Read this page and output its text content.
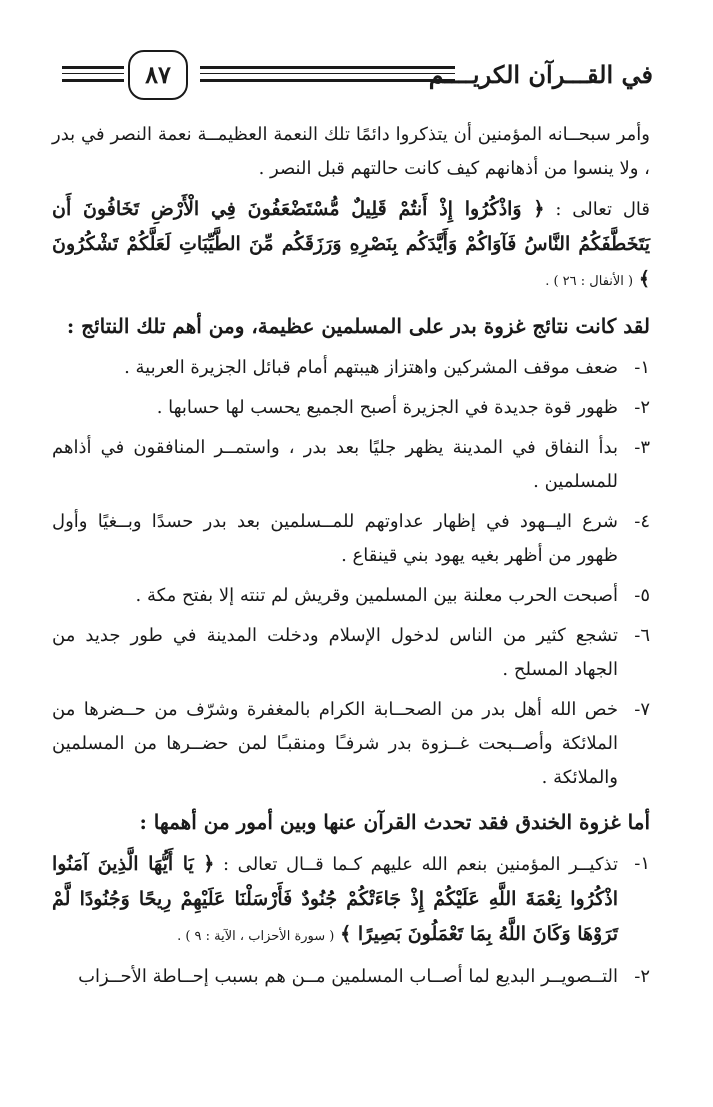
٨٧	في القـــرآن الكريــــم

وأمر سبحــانه المؤمنين أن يتذكروا دائمًا تلك النعمة العظيمــة نعمة النصر في بدر ، ولا ينسوا من أذهانهم كيف كانت حالتهم قبل النصر .

قال تعالى : ﴿ وَاذْكُرُوا إِذْ أَنتُمْ قَلِيلٌ مُّسْتَضْعَفُونَ فِي الْأَرْضِ تَخَافُونَ أَن يَتَخَطَّفَكُمُ النَّاسُ فَآوَاكُمْ وَأَيَّدَكُم بِنَصْرِهِ وَرَزَقَكُم مِّنَ الطَّيِّبَاتِ لَعَلَّكُمْ تَشْكُرُونَ ﴾ ( الأنفال : ٢٦ ) .

لقد كانت نتائج غزوة بدر على المسلمين عظيمة، ومن أهم تلك النتائج :
١-
ضعف موقف المشركين واهتزاز هيبتهم أمام قبائل الجزيرة العربية .
٢-
ظهور قوة جديدة في الجزيرة أصبح الجميع يحسب لها حسابها .
٣-
بدأ النفاق في المدينة يظهر جليًا بعد بدر ، واستمــر المنافقون في أذاهم للمسلمين .
٤-
شرع اليــهود في إظهار عداوتهم للمــسلمين بعد بدر حسدًا وبــغيًا وأول ظهور من أظهر بغيه يهود بني قينقاع .
٥-
أصبحت الحرب معلنة بين المسلمين وقريش لم تنته إلا بفتح مكة .
٦-
تشجع كثير من الناس لدخول الإسلام ودخلت المدينة في طور جديد من الجهاد المسلح .
٧-
خص الله أهل بدر من الصحــابة الكرام بالمغفرة وشرّف من حــضرها من الملائكة وأصــبحت غــزوة بدر شرفـًا ومنقبـًا لمن حضــرها من المسلمين والملائكة .
أما غزوة الخندق فقد تحدث القرآن عنها وبين أمور من أهمها :
١-
تذكيــر المؤمنين بنعم الله عليهم كـما قــال تعالى : ﴿ يَا أَيُّهَا الَّذِينَ آمَنُوا اذْكُرُوا نِعْمَةَ اللَّهِ عَلَيْكُمْ إِذْ جَاءَتْكُمْ جُنُودٌ فَأَرْسَلْنَا عَلَيْهِمْ رِيحًا وَجُنُودًا لَّمْ تَرَوْهَا وَكَانَ اللَّهُ بِمَا تَعْمَلُونَ بَصِيرًا ﴾ ( سورة الأحزاب ، الآية : ٩ ) .
٢-
التــصويــر البديع لما أصــاب المسلمين مــن هم بسبب إحــاطة الأحــزاب
